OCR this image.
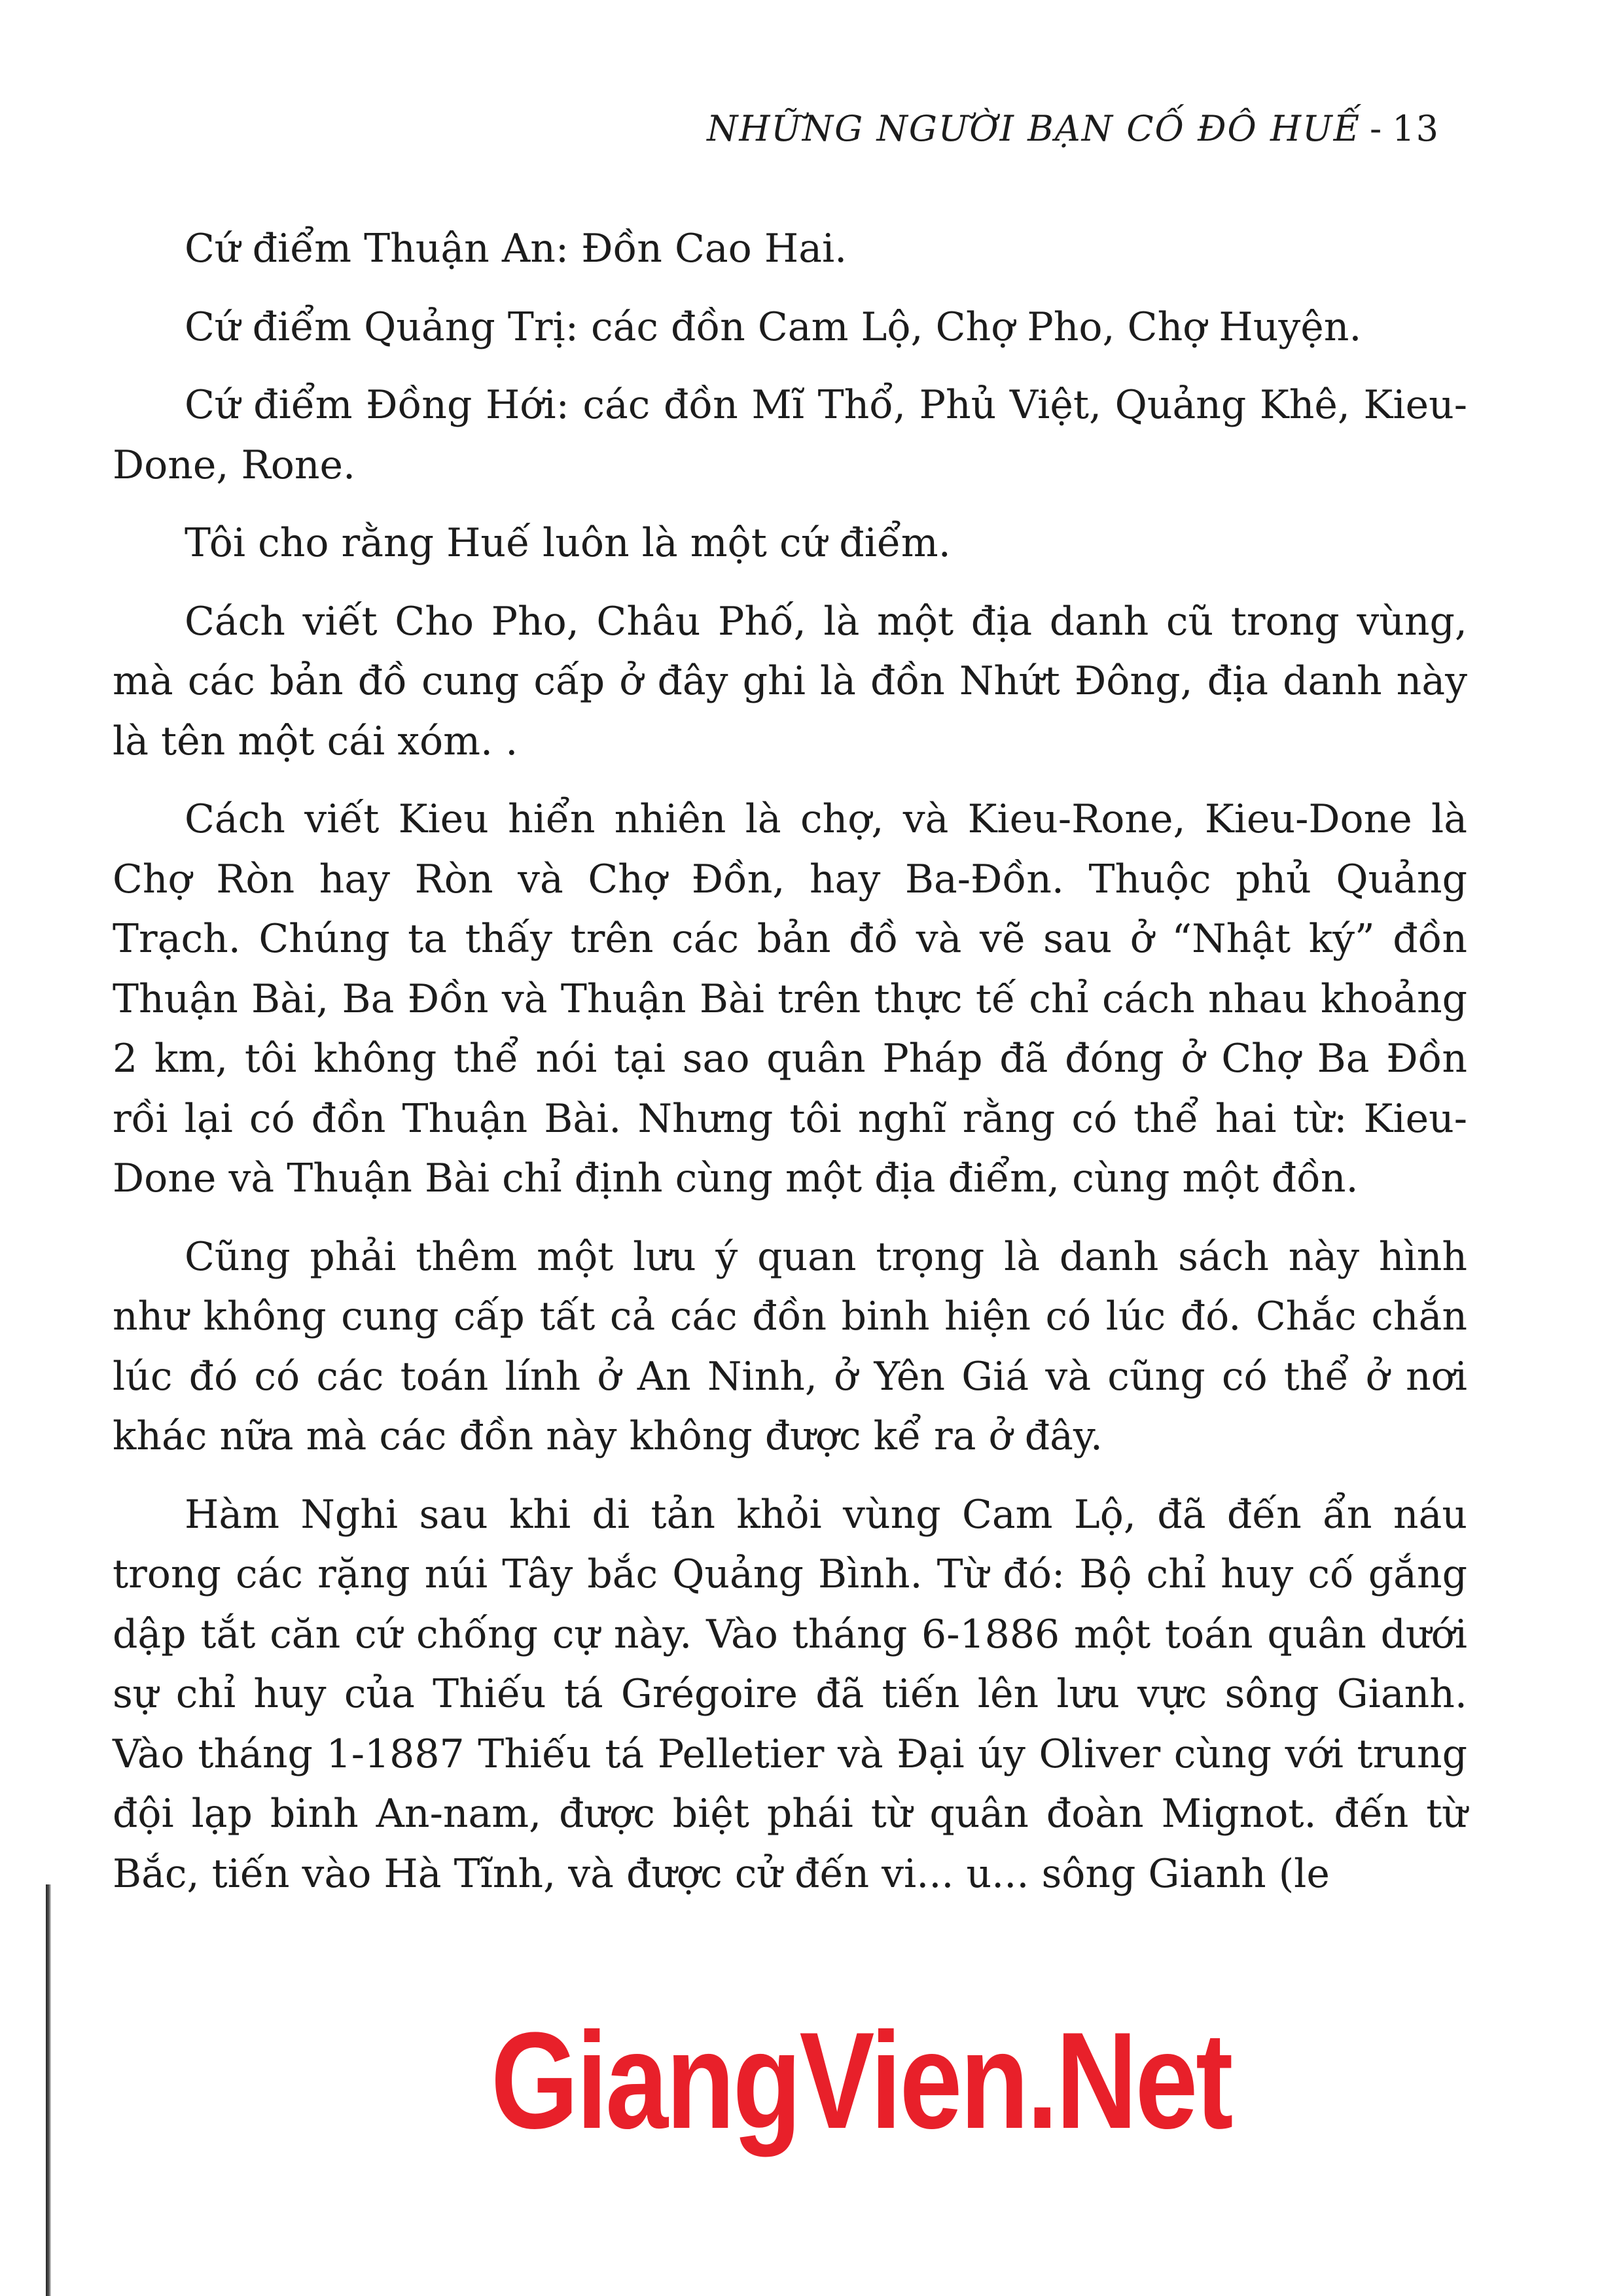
NHỮNG NGƯỜI BẠN CỐ ĐÔ HUẾ - 13

Cứ điểm Thuận An: Đồn Cao Hai.

Cứ điểm Quảng Trị: các đồn Cam Lộ, Chợ Pho, Chợ Huyện.

Cứ điểm Đồng Hới: các đồn Mĩ Thổ, Phủ Việt, Quảng Khê, Kieu-Done, Rone.

Tôi cho rằng Huế luôn là một cứ điểm.

Cách viết Cho Pho, Châu Phố, là một địa danh cũ trong vùng, mà các bản đồ cung cấp ở đây ghi là đồn Nhứt Đông, địa danh này là tên một cái xóm. .

Cách viết Kieu hiển nhiên là chợ, và Kieu-Rone, Kieu-Done là Chợ Ròn hay Ròn và Chợ Đồn, hay Ba-Đồn. Thuộc phủ Quảng Trạch. Chúng ta thấy trên các bản đồ và vẽ sau ở “Nhật ký” đồn Thuận Bài, Ba Đồn và Thuận Bài trên thực tế chỉ cách nhau khoảng 2 km, tôi không thể nói tại sao quân Pháp đã đóng ở Chợ Ba Đồn rồi lại có đồn Thuận Bài. Nhưng tôi nghĩ rằng có thể hai từ: Kieu-Done và Thuận Bài chỉ định cùng một địa điểm, cùng một đồn.

Cũng phải thêm một lưu ý quan trọng là danh sách này hình như không cung cấp tất cả các đồn binh hiện có lúc đó. Chắc chắn lúc đó có các toán lính ở An Ninh, ở Yên Giá và cũng có thể ở nơi khác nữa mà các đồn này không được kể ra ở đây.

Hàm Nghi sau khi di tản khỏi vùng Cam Lộ, đã đến ẩn náu trong các rặng núi Tây bắc Quảng Bình. Từ đó: Bộ chỉ huy cố gắng dập tắt căn cứ chống cự này. Vào tháng 6-1886 một toán quân dưới sự chỉ huy của Thiếu tá Grégoire đã tiến lên lưu vực sông Gianh. Vào tháng 1-1887 Thiếu tá Pelletier và Đại úy Oliver cùng với trung đội lạp binh An-nam, được biệt phái từ quân đoàn Mignot. đến từ Bắc, tiến vào Hà Tĩnh, và được cử đến vi... u... sông Gianh (le

GiangVien.Net
